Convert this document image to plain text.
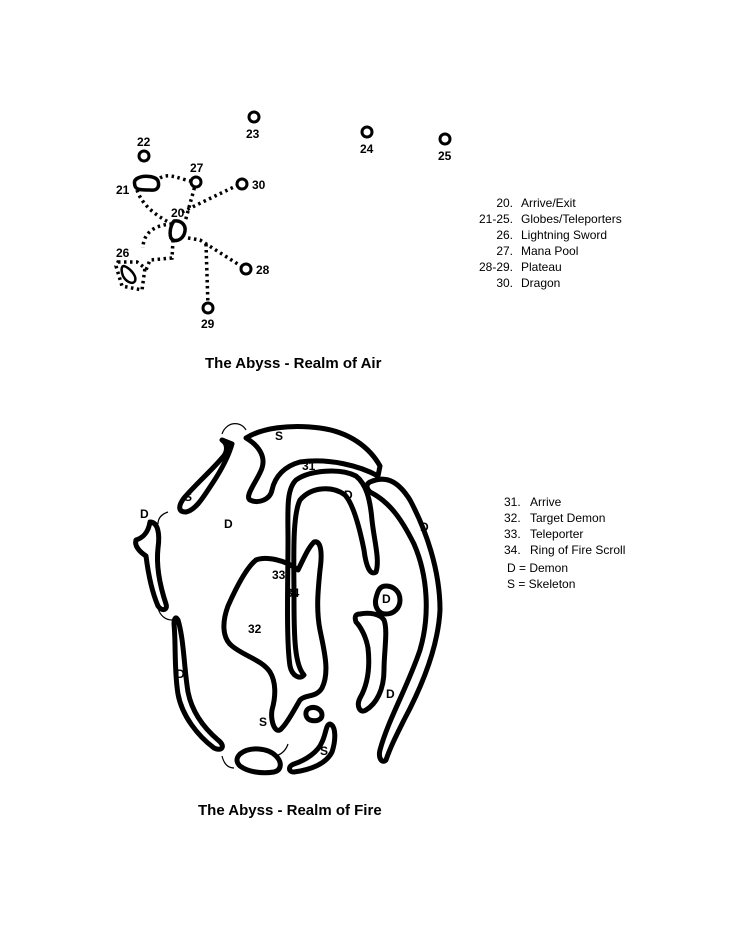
20
21
22
23
24	25
26
27
28
29
30
20. Arrive/Exit
21-25. Globes/Teleporters
26. Lightning Sword
27. Mana Pool
28-29. Plateau
30. Dragon
The Abyss - Realm of Air
31
32
33
34
D
D
D
D
D
D
D
S
S
S
S
31. Arrive
32. Target Demon
33. Teleporter
34. Ring of Fire Scroll
D = Demon
S = Skeleton
The Abyss - Realm of Fire
